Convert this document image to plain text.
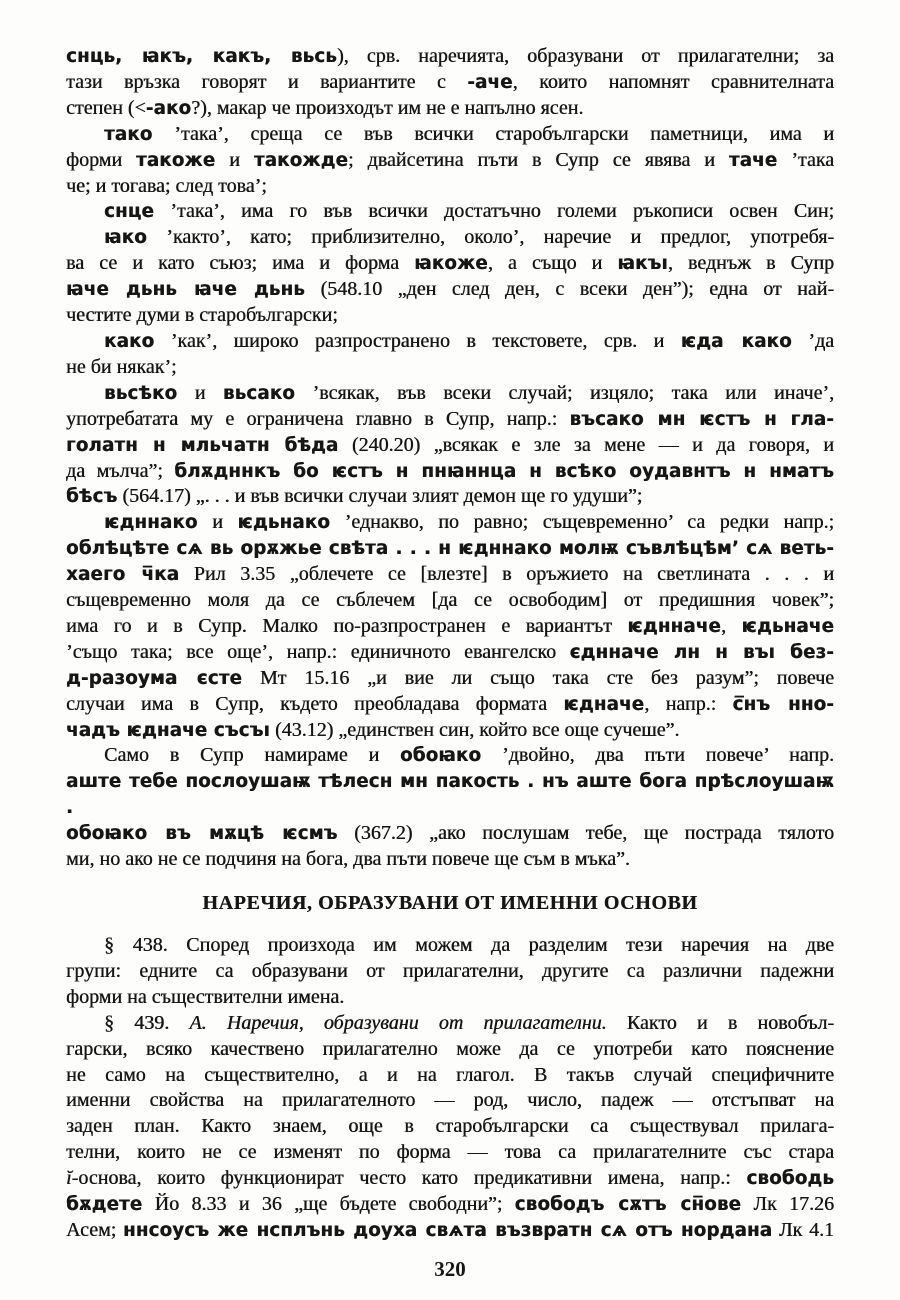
снць, ꙗкъ, какъ, вьсь), срв. наречията, образувани от прилагателни; за
тази връзка говорят и вариантите с -аче, които напомнят сравнителната
степен (<-ако?), макар че произходът им не е напълно ясен.
тако ’така’, среща се във всички старобългарски паметници, има и
форми такоже и такожде; двайсетина пъти в Супр се явява и таче ’така
че; и тогава; след това’;
снце ’така’, има го във всички достатъчно големи ръкописи освен Син;
ꙗко ’както’, като; приблизително, около’, наречие и предлог, употребя-
ва се и като съюз; има и форма ꙗкоже, а също и ꙗкъı, веднъж в Супр
ꙗче дьнь ꙗче дьнь (548.10 „ден след ден, с всеки ден”); една от най-
честите думи в старобългарски;
како ’как’, широко разпространено в текстовете, срв. и ѥда како ’да
не би някак’;
вьсѣко и вьсако ’всякак, във всеки случай; изцяло; така или иначе’,
употребатата му е ограничена главно в Супр, напр.: въсако мн ѥстъ н гла-
голатн н мльчатн бѣда (240.20) „всякак е зле за мене — и да говоря, и
да мълча”; блѫдннкъ бо ѥстъ н пнꙗннца н всѣко оудавнтъ н нматъ
бѣсъ (564.17) „. . . и във всички случаи злият демон ще го удуши”;
ѥдннако и ѥдьнако ’еднакво, по равно; същевременно’ са редки напр.;
облѣцѣте сѧ вь орѫжье свѣта . . . н ѥдннако молѭ съвлѣцѣм’ сѧ веть-
хаего ч̅ка Рил 3.35 „облечете се [влезте] в оръжието на светлината . . . и
същевременно моля да се съблечем [да се освободим] от предишния човек”;
има го и в Супр. Малко по-разпространен е вариантът ѥднначе, ѥдьначе
’също така; все още’, напр.: единичното евангелско єднначе лн н въı без-
д-разоума єсте Мт 15.16 „и вие ли също така сте без разум”; повече
случаи има в Супр, където преобладава формата ѥдначе, напр.: с̅нъ нно-
чадъ ѥдначе съсъı (43.12) „единствен син, който все още сучеше”.
Само в Супр намираме и обоꙗко ’двойно, два пъти повече’ напр.
аште тебе послоушаѭ тѣлесн мн пакость . нъ аште бога прѣслоушаѭ .
обоꙗко въ мѫцѣ ѥсмъ (367.2) „ако послушам тебе, ще пострада тялото
ми, но ако не се подчиня на бога, два пъти повече ще съм в мъка”.
НАРЕЧИЯ, ОБРАЗУВАНИ ОТ ИМЕННИ ОСНОВИ
§ 438. Според произхода им можем да разделим тези наречия на две
групи: едните са образувани от прилагателни, другите са различни падежни
форми на съществителни имена.
§ 439. А. Наречия, образувани от прилагателни. Както и в новобъл-
гарски, всяко качествено прилагателно може да се употреби като пояснение
не само на съществително, а и на глагол. В такъв случай специфичните
именни свойства на прилагателното — род, число, падеж — отстъпват на
заден план. Както знаем, още в старобългарски са съществувал прилага-
телни, които не се изменят по форма — това са прилагателните със стара
ĭ-основа, които функционират често като предикативни имена, напр.: свободь
бѫдете Йо 8.33 и 36 „ще бъдете свободни”; свободъ сѫтъ сн̅ове Лк 17.26
Асем; ннсоусъ же нсплънь доуха свѧта възвратн сѧ отъ нордана Лк 4.1
320
